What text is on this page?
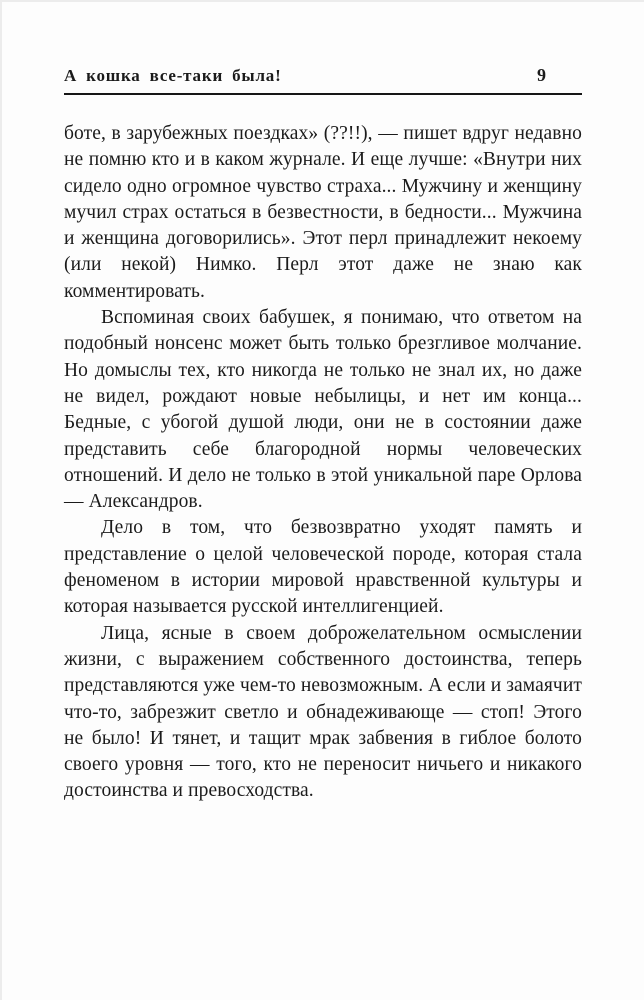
А кошка все-таки была!	9

боте, в зарубежных поездках» (??!!), — пишет вдруг недавно не помню кто и в каком журнале. И еще лучше: «Внутри них сидело одно огромное чувство страха... Мужчину и женщину мучил страх остаться в безвестности, в бедности... Мужчина и женщина договорились». Этот перл принадлежит некоему (или некой) Нимко. Перл этот даже не знаю как комментировать.

Вспоминая своих бабушек, я понимаю, что ответом на подобный нонсенс может быть только брезгливое молчание. Но домыслы тех, кто никогда не только не знал их, но даже не видел, рождают новые небылицы, и нет им конца... Бедные, с убогой душой люди, они не в состоянии даже представить себе благородной нормы человеческих отношений. И дело не только в этой уникальной паре Орлова — Александров.

Дело в том, что безвозвратно уходят память и представление о целой человеческой породе, которая стала феноменом в истории мировой нравственной культуры и которая называется русской интеллигенцией.

Лица, ясные в своем доброжелательном осмыслении жизни, с выражением собственного достоинства, теперь представляются уже чем-то невозможным. А если и замаячит что-то, забрезжит светло и обнадеживающе — стоп! Этого не было! И тянет, и тащит мрак забвения в гиблое болото своего уровня — того, кто не переносит ничьего и никакого достоинства и превосходства.
